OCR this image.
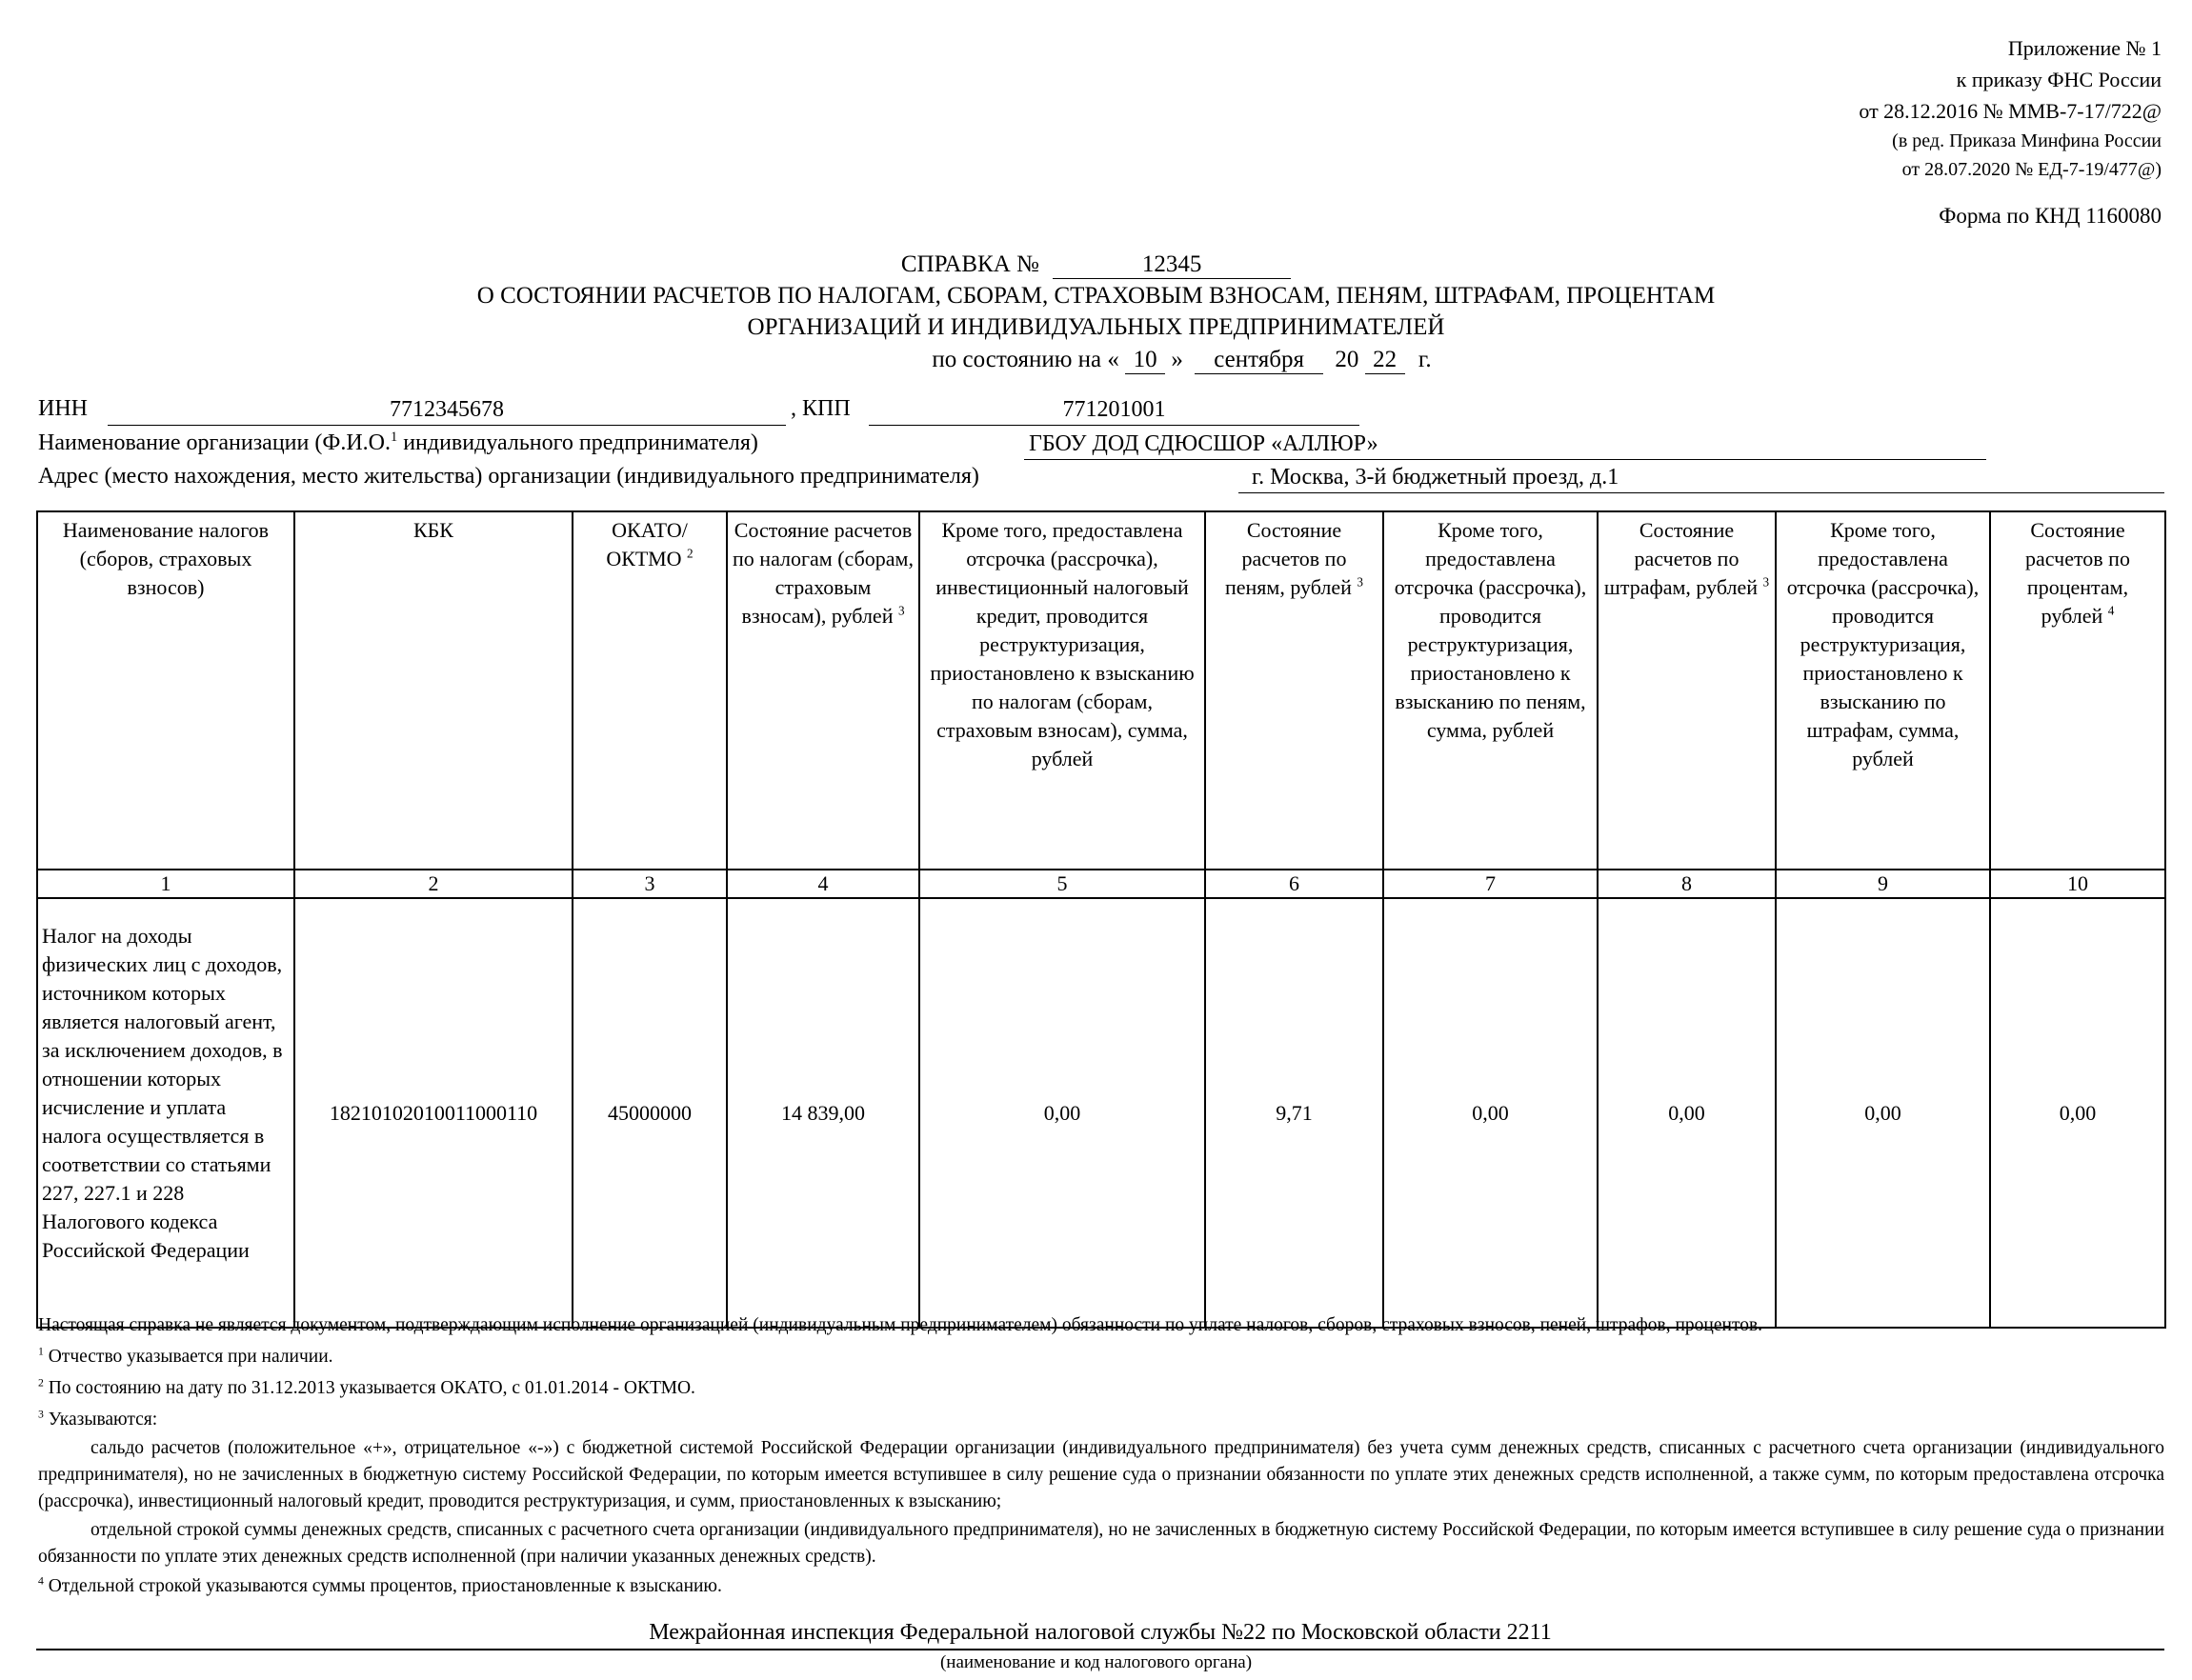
Приложение № 1
к приказу ФНС России
от 28.12.2016 № ММВ-7-17/722@
(в ред. Приказа Минфина России
от 28.07.2020 № ЕД-7-19/477@)
Форма по КНД 1160080
СПРАВКА №	12345
О СОСТОЯНИИ РАСЧЕТОВ ПО НАЛОГАМ, СБОРАМ, СТРАХОВЫМ ВЗНОСАМ, ПЕНЯМ, ШТРАФАМ, ПРОЦЕНТАМ
ОРГАНИЗАЦИЙ И ИНДИВИДУАЛЬНЫХ ПРЕДПРИНИМАТЕЛЕЙ
по состоянию на « 10 » сентября 20 22 г.
ИНН	7712345678	, КПП	771201001
Наименование организации (Ф.И.О.$^1$ индивидуального предпринимателя)	ГБОУ ДОД СДЮСШОР «АЛЛЮР»
Адрес (место нахождения, место жительства) организации (индивидуального предпринимателя)	г. Москва, 3-й бюджетный проезд, д.1
Наименование налогов (сборов, страховых взносов)	КБК	ОКАТО/ ОКТМО $^2$	Состояние расчетов по налогам (сборам, страховым взносам), рублей $^3$	Кроме того, предоставлена отсрочка (рассрочка), инвестиционный налоговый кредит, проводится реструктуризация, приостановлено к взысканию по налогам (сборам, страховым взносам), сумма, рублей	Состояние расчетов по пеням, рублей $^3$	Кроме того, предоставлена отсрочка (рассрочка), проводится реструктуризация, приостановлено к взысканию по пеням, сумма, рублей	Состояние расчетов по штрафам, рублей $^3$	Кроме того, предоставлена отсрочка (рассрочка), проводится реструктуризация, приостановлено к взысканию по штрафам, сумма, рублей	Состояние расчетов по процентам, рублей $^4$
1	2	3	4	5	6	7	8	9	10
Налог на доходы физических лиц с доходов, источником которых является налоговый агент, за исключением доходов, в отношении которых исчисление и уплата налога осуществляется в соответствии со статьями 227, 227.1 и 228 Налогового кодекса Российской Федерации	18210102010011000110	45000000	14 839,00	0,00	9,71	0,00	0,00	0,00	0,00

Настоящая справка не является документом, подтверждающим исполнение организацией (индивидуальным предпринимателем) обязанности по уплате налогов, сборов, страховых взносов, пеней, штрафов, процентов.

$^1$ Отчество указывается при наличии.

$^2$ По состоянию на дату по 31.12.2013 указывается ОКАТО, с 01.01.2014 - ОКТМО.

$^3$ Указываются:

сальдо расчетов (положительное «+», отрицательное «-») с бюджетной системой Российской Федерации организации (индивидуального предпринимателя) без учета сумм денежных средств, списанных с расчетного счета организации (индивидуального предпринимателя), но не зачисленных в бюджетную систему Российской Федерации, по которым имеется вступившее в силу решение суда о признании обязанности по уплате этих денежных средств исполненной, а также сумм, по которым предоставлена отсрочка (рассрочка), инвестиционный налоговый кредит, проводится реструктуризация, и сумм, приостановленных к взысканию;

отдельной строкой суммы денежных средств, списанных с расчетного счета организации (индивидуального предпринимателя), но не зачисленных в бюджетную систему Российской Федерации, по которым имеется вступившее в силу решение суда о признании обязанности по уплате этих денежных средств исполненной (при наличии указанных денежных средств).

$^4$ Отдельной строкой указываются суммы процентов, приостановленные к взысканию.

Межрайонная инспекция Федеральной налоговой службы №22 по Московской области 2211
(наименование и код налогового органа)
